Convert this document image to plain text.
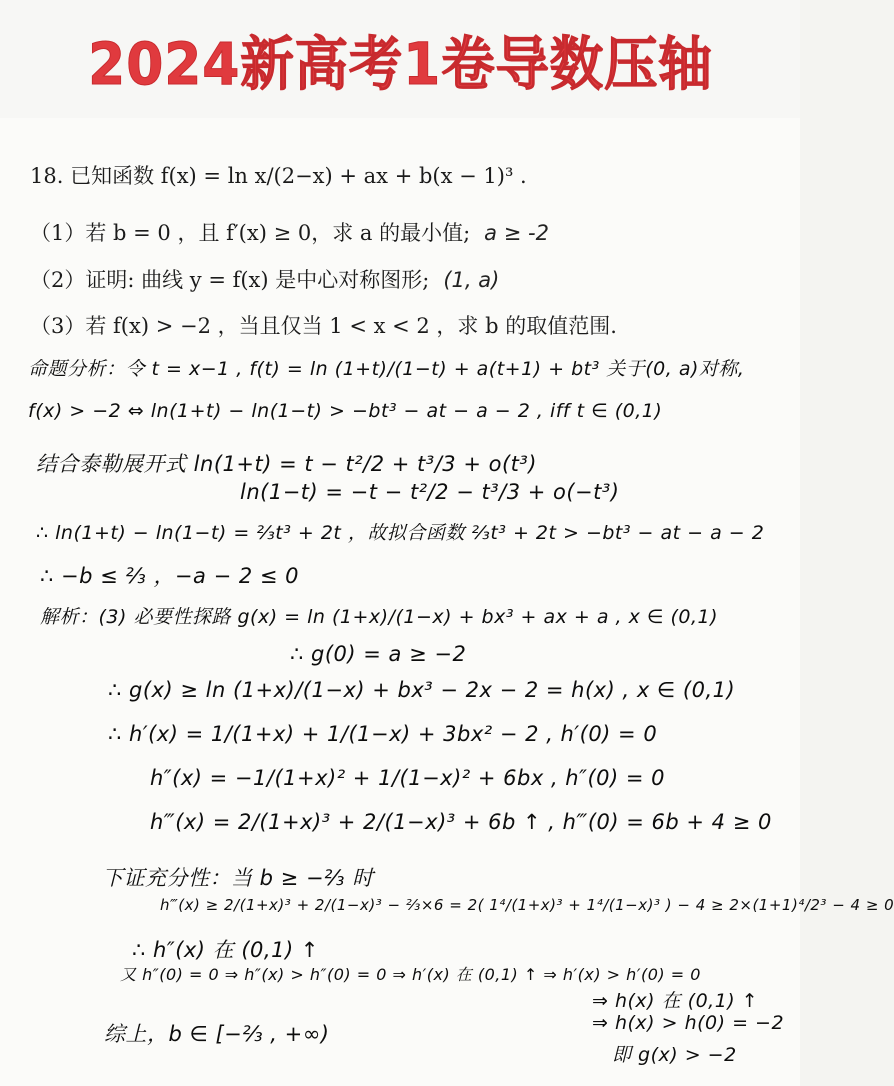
2024新高考1卷导数压轴
18. 已知函数 f(x) = ln x/(2−x) + ax + b(x − 1)³ .
（1）若 b = 0 ，且 f′(x) ≥ 0，求 a 的最小值; a ≥ -2
（2）证明: 曲线 y = f(x) 是中心对称图形; (1, a)
（3）若 f(x) > −2 ，当且仅当 1 < x < 2 ，求 b 的取值范围.
命题分析：令 t = x−1 , f(t) = ln (1+t)/(1−t) + a(t+1) + bt³ 关于(0, a)对称,
f(x) > −2 ⇔ ln(1+t) − ln(1−t) > −bt³ − at − a − 2 , iff t ∈ (0,1)
结合泰勒展开式 ln(1+t) = t − t²/2 + t³/3 + o(t³)
ln(1−t) = −t − t²/2 − t³/3 + o(−t³)
∴ ln(1+t) − ln(1−t) = ⅔t³ + 2t ，故拟合函数 ⅔t³ + 2t > −bt³ − at − a − 2
∴ −b ≤ ⅔ ，−a − 2 ≤ 0
解析：(3) 必要性探路 g(x) = ln (1+x)/(1−x) + bx³ + ax + a , x ∈ (0,1)
∴ g(0) = a ≥ −2
∴ g(x) ≥ ln (1+x)/(1−x) + bx³ − 2x − 2 = h(x) , x ∈ (0,1)
∴ h′(x) = 1/(1+x) + 1/(1−x) + 3bx² − 2 , h′(0) = 0
h″(x) = −1/(1+x)² + 1/(1−x)² + 6bx , h″(0) = 0
h‴(x) = 2/(1+x)³ + 2/(1−x)³ + 6b ↑ , h‴(0) = 6b + 4 ≥ 0
下证充分性：当 b ≥ −⅔ 时
h‴(x) ≥ 2/(1+x)³ + 2/(1−x)³ − ⅔×6 = 2( 1⁴/(1+x)³ + 1⁴/(1−x)³ ) − 4 ≥ 2×(1+1)⁴/2³ − 4 ≥ 0
∴ h″(x) 在 (0,1) ↑
又 h″(0) = 0 ⇒ h″(x) > h″(0) = 0 ⇒ h′(x) 在 (0,1) ↑ ⇒ h′(x) > h′(0) = 0
⇒ h(x) 在 (0,1) ↑
⇒ h(x) > h(0) = −2
综上，b ∈ [−⅔ , +∞)
即 g(x) > −2
